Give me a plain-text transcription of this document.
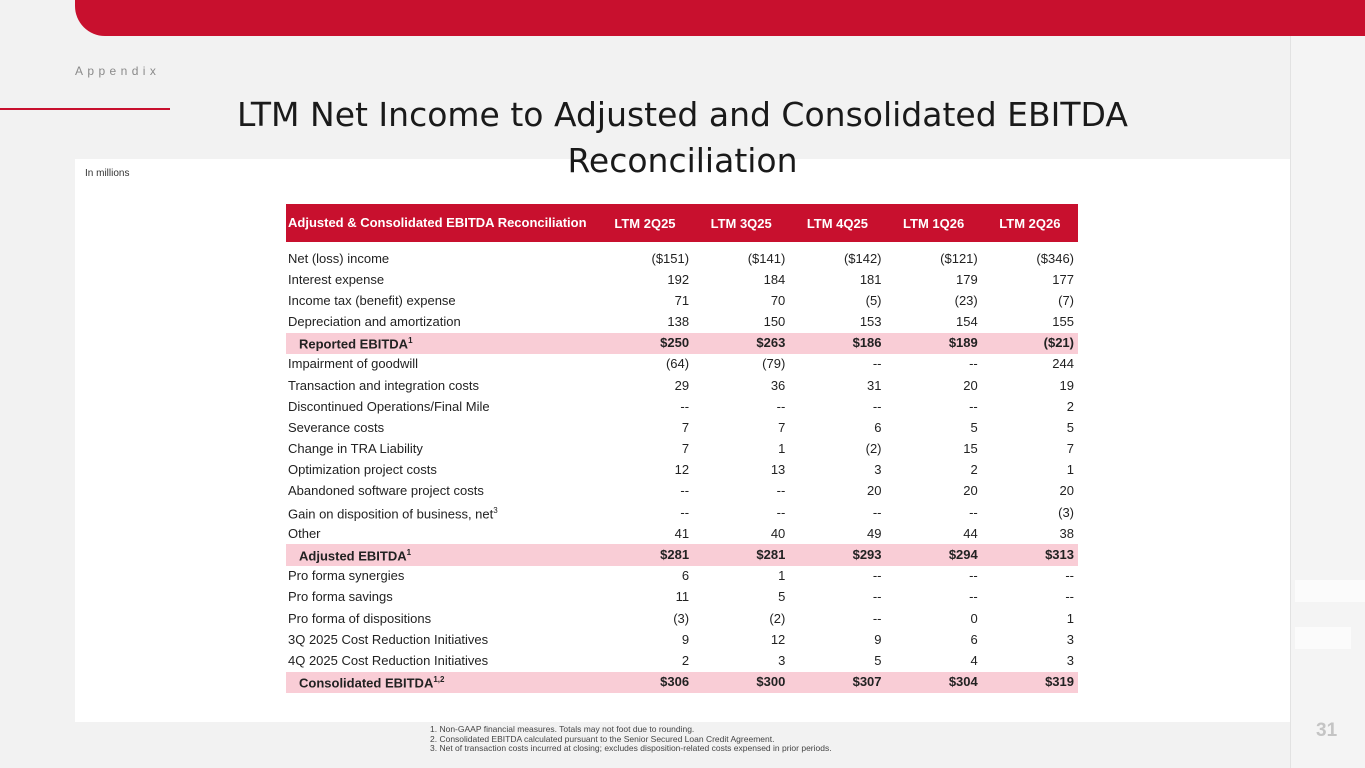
Appendix
In millions
Adjusted & Consolidated EBITDA Reconciliation	LTM 2Q25	LTM 3Q25	LTM 4Q25	LTM 1Q26	LTM 2Q26
Net (loss) income	($151)	($141)	($142)	($121)	($346)
Interest expense	192	184	181	179	177
Income tax (benefit) expense	71	70	(5)	(23)	(7)
Depreciation and amortization	138	150	153	154	155
Reported EBITDA$^1$	$250	$263	$186	$189	($21)
Impairment of goodwill	(64)	(79)	--	--	244
Transaction and integration costs	29	36	31	20	19
Discontinued Operations/Final Mile	--	--	--	--	2
Severance costs	7	7	6	5	5
Change in TRA Liability	7	1	(2)	15	7
Optimization project costs	12	13	3	2	1
Abandoned software project costs	--	--	20	20	20
Gain on disposition of business, net$^3$	--	--	--	--	(3)
Other	41	40	49	44	38
Adjusted EBITDA$^1$	$281	$281	$293	$294	$313
Pro forma synergies	6	1	--	--	--
Pro forma savings	11	5	--	--	--
Pro forma of dispositions	(3)	(2)	--	0	1
3Q 2025 Cost Reduction Initiatives	9	12	9	6	3
4Q 2025 Cost Reduction Initiatives	2	3	5	4	3
Consolidated EBITDA$^{1,2}$	$306	$300	$307	$304	$319
LTM Net Income to Adjusted and Consolidated EBITDA Reconciliation
1. Non-GAAP financial measures. Totals may not foot due to rounding.
2. Consolidated EBITDA calculated pursuant to the Senior Secured Loan Credit Agreement.
3. Net of transaction costs incurred at closing; excludes disposition-related costs expensed in prior periods.
31
